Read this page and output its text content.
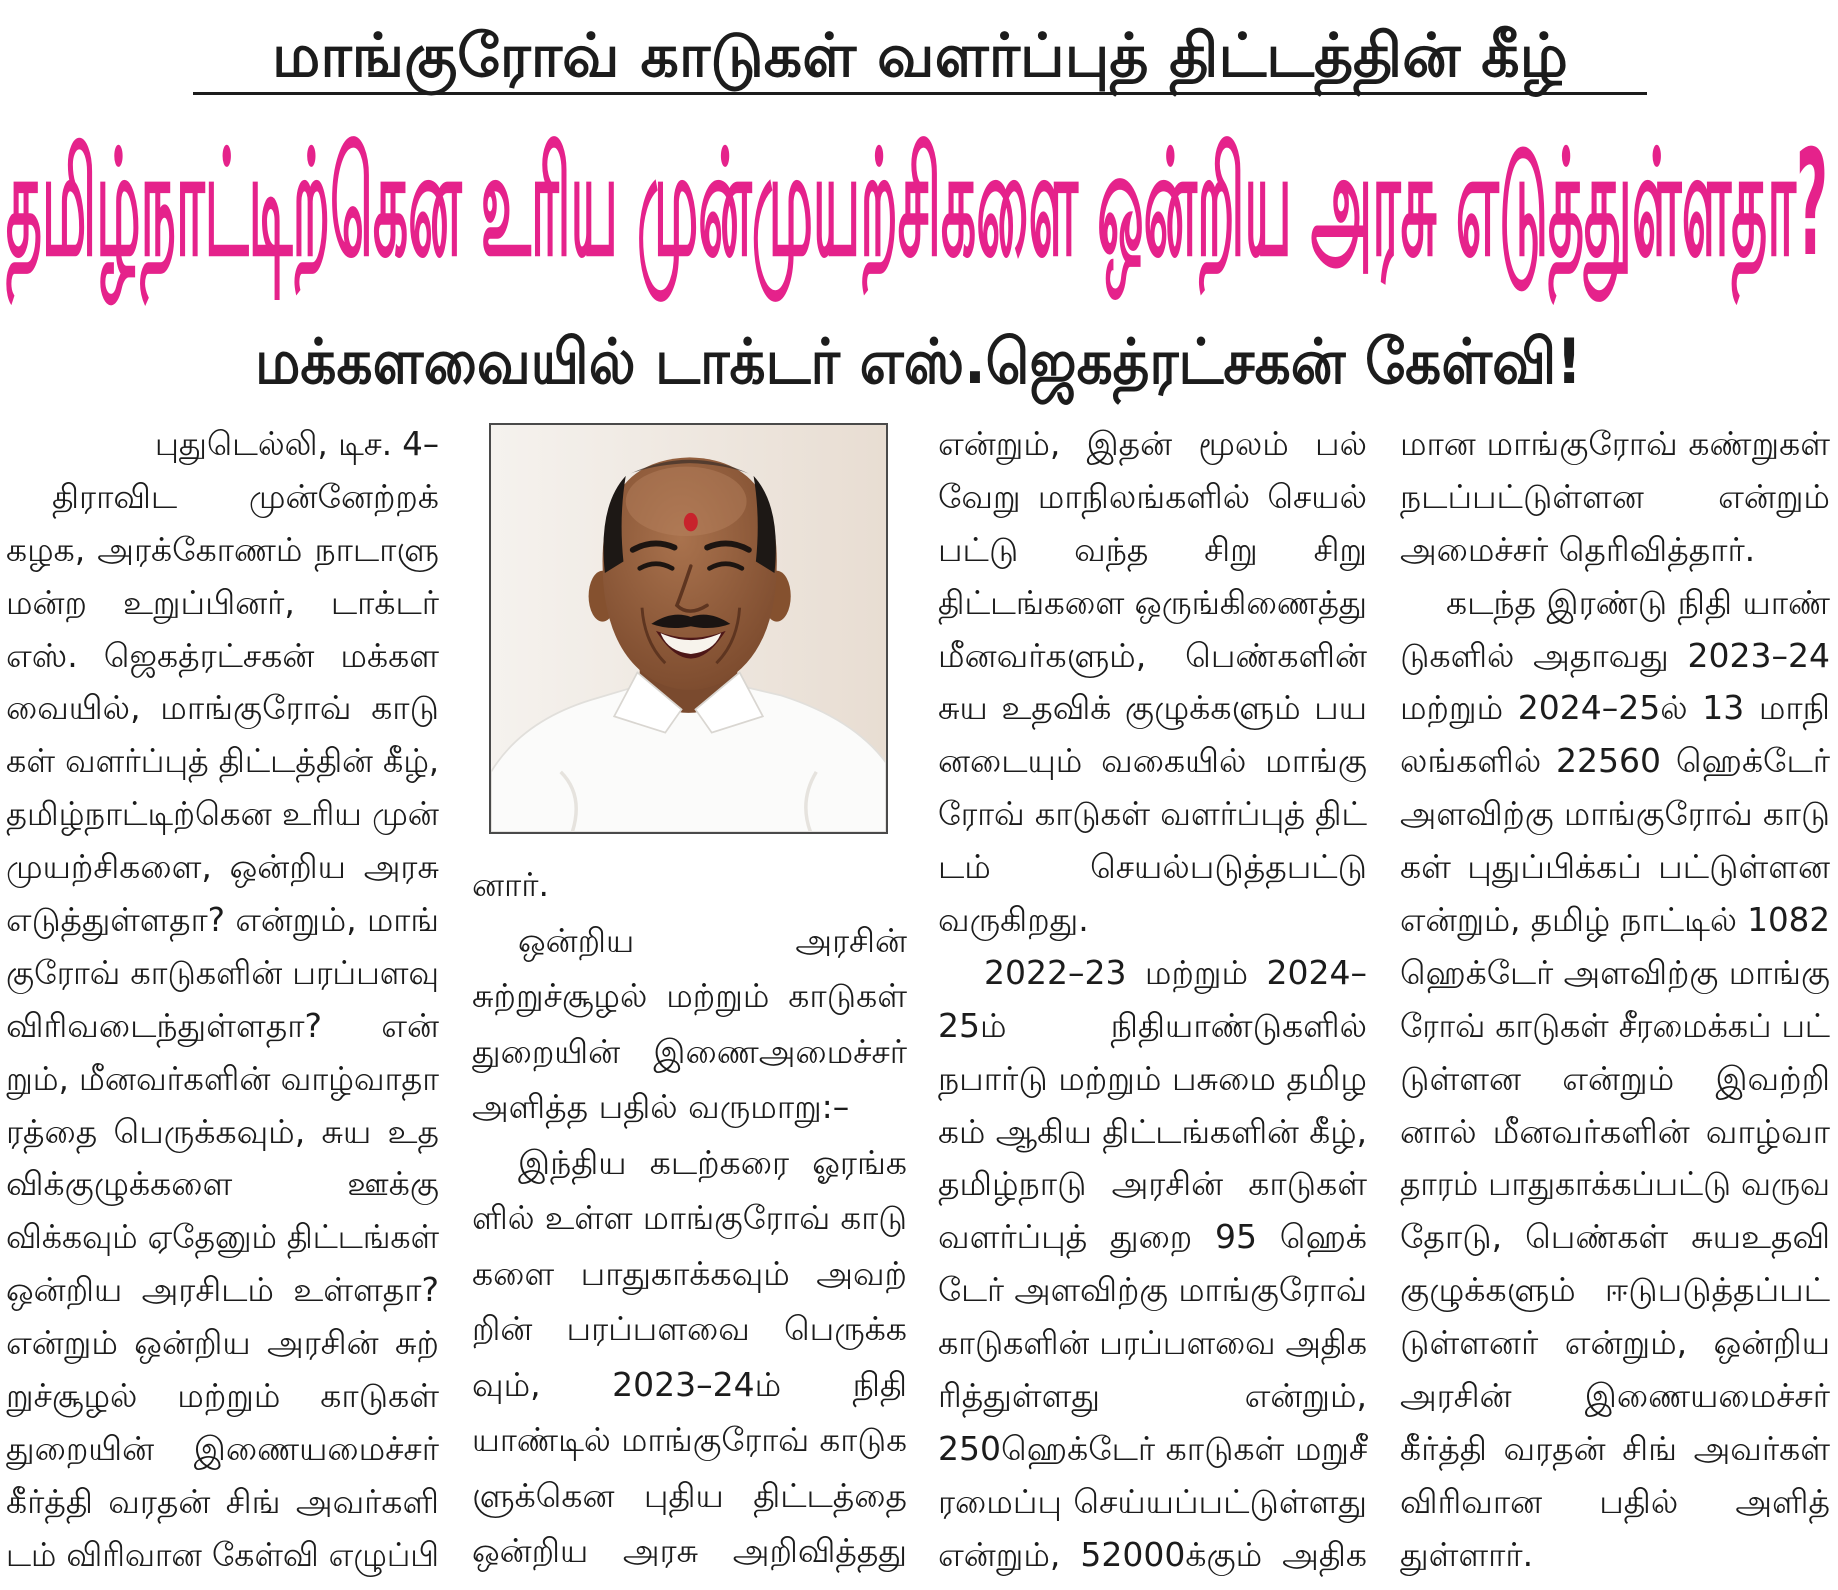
மாங்குரோவ் காடுகள் வளர்ப்புத் திட்டத்தின் கீழ்
தமிழ்நாட்டிற்கென உரிய முன்முயற்சிகளை ஒன்றிய அரசு எடுத்துள்ளதா?
மக்களவையில் டாக்டர் எஸ்.ஜெகத்ரட்சகன் கேள்வி!
புதுடெல்லி, டிச. 4–
திராவிட முன்னேற்றக்
கழக, அரக்கோணம் நாடாளு
மன்ற உறுப்பினர், டாக்டர்
எஸ். ஜெகத்ரட்சகன் மக்கள
வையில், மாங்குரோவ் காடு
கள் வளர்ப்புத் திட்டத்தின் கீழ்,
தமிழ்நாட்டிற்கென உரிய முன்
முயற்சிகளை, ஒன்றிய அரசு
எடுத்துள்ளதா? என்றும், மாங்
குரோவ் காடுகளின் பரப்பளவு
விரிவடைந்துள்ளதா? என்
றும், மீனவர்களின் வாழ்வாதா
ரத்தை பெருக்கவும், சுய உத
விக்குழுக்களை ஊக்கு
விக்கவும் ஏதேனும் திட்டங்கள்
ஒன்றிய அரசிடம் உள்ளதா?
என்றும் ஒன்றிய அரசின் சுற்
றுச்சூழல் மற்றும் காடுகள்
துறையின் இணையமைச்சர்
கீர்த்தி வரதன் சிங் அவர்களி
டம் விரிவான கேள்வி எழுப்பி
னார்.
ஒன்றிய அரசின்
சுற்றுச்சூழல் மற்றும் காடுகள்
துறையின் இணைஅமைச்சர்
அளித்த பதில் வருமாறு:–
இந்திய கடற்கரை ஓரங்க
ளில் உள்ள மாங்குரோவ் காடு
களை பாதுகாக்கவும் அவற்
றின் பரப்பளவை பெருக்க
வும், 2023–24ம் நிதி
யாண்டில் மாங்குரோவ் காடுக
ளுக்கென புதிய திட்டத்தை
ஒன்றிய அரசு அறிவித்தது
என்றும், இதன் மூலம் பல்
வேறு மாநிலங்களில் செயல்
பட்டு வந்த சிறு சிறு
திட்டங்களை ஒருங்கிணைத்து
மீனவர்களும், பெண்களின்
சுய உதவிக் குழுக்களும் பய
னடையும் வகையில் மாங்கு
ரோவ் காடுகள் வளர்ப்புத் திட்
டம் செயல்படுத்தபட்டு
வருகிறது.
2022–23 மற்றும் 2024–
25ம் நிதியாண்டுகளில்
நபார்டு மற்றும் பசுமை தமிழ
கம் ஆகிய திட்டங்களின் கீழ்,
தமிழ்நாடு அரசின் காடுகள்
வளர்ப்புத் துறை 95 ஹெக்
டேர் அளவிற்கு மாங்குரோவ்
காடுகளின் பரப்பளவை அதிக
ரித்துள்ளது என்றும்,
250ஹெக்டேர் காடுகள் மறுசீ
ரமைப்பு செய்யப்பட்டுள்ளது
என்றும், 52000க்கும் அதிக
மான மாங்குரோவ் கண்றுகள்
நடப்பட்டுள்ளன என்றும்
அமைச்சர் தெரிவித்தார்.
கடந்த இரண்டு நிதி யாண்
டுகளில் அதாவது 2023–24
மற்றும் 2024–25ல் 13 மாநி
லங்களில் 22560 ஹெக்டேர்
அளவிற்கு மாங்குரோவ் காடு
கள் புதுப்பிக்கப் பட்டுள்ளன
என்றும், தமிழ் நாட்டில் 1082
ஹெக்டேர் அளவிற்கு மாங்கு
ரோவ் காடுகள் சீரமைக்கப் பட்
டுள்ளன என்றும் இவற்றி
னால் மீனவர்களின் வாழ்வா
தாரம் பாதுகாக்கப்பட்டு வருவ
தோடு, பெண்கள் சுயஉதவி
குழுக்களும் ஈடுபடுத்தப்பட்
டுள்ளனர் என்றும், ஒன்றிய
அரசின் இணையமைச்சர்
கீர்த்தி வரதன் சிங் அவர்கள்
விரிவான பதில் அளித்
துள்ளார்.
